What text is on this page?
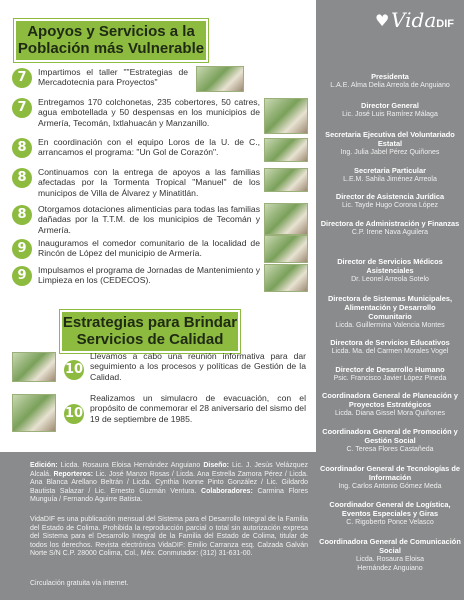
Apoyos y Servicios a la
Población más Vulnerable
7	Impartimos el taller ""Estrategias de Mercadotecnia para Proyectos"
7	Entregamos 170 colchonetas, 235 cobertores, 50 catres, agua embotellada y 50 despensas en los municipios de Armería, Tecomán, Ixtlahuacán y Manzanillo.
8	En coordinación con el equipo Loros de la U. de C., arrancamos el programa: "Un Gol de Corazón".
8	Continuamos con la entrega de apoyos a las familias afectadas por la Tormenta Tropical "Manuel" de los municipos de Villa de Álvarez y Minatitlán.
8	Otorgamos dotaciones alimenticias para todas las familias dañadas por la T.T.M. de los municipios de Tecomán y Armería.
9	Inauguramos el comedor comunitario de la localidad de Rincón de López del municipio de Armería.
9	Impulsamos el programa de Jornadas de Mantenimiento y Limpieza en los (CEDECOS).
Estrategias para Brindar
Servicios de Calidad
10
Llevamos a cabo una reunión informativa para dar seguimiento a los procesos y políticas de Gestión de la Calidad.
10
Realizamos un simulacro de evacuación, con el propósito de conmemorar el 28 aniversario del sismo del 19 de septiembre de 1985.

Edición: Licda. Rosaura Eloisa Hernández Anguiano Diseño: Lic. J. Jesús Velázquez Alcalá. Reporteros: Lic. José Manzo Rosas / Licda. Ana Estrella Zamora Pérez / Licda. Ana Blanca Arellano Beltrán / Licda. Cynthia Ivonne Pinto González / Lic. Gildardo Bautista Salazar / Lic. Ernesto Guzmán Ventura. Colaboradores: Carmina Flores Munguía / Fernando Aguirre Batista.

VidaDIF es una publicación mensual del Sistema para el Desarrollo Integral de la Familia del Estado de Colima. Prohibida la reproducción parcial o total sin autorización expresa del Sistema para el Desarrollo Integral de la Familia del Estado de Colima, titular de todos los derechos. Revista electrónica VidaDIF: Emilio Carranza esq. Calzada Galván Norte S/N C.P. 28000 Colima, Col., Méx. Conmutador: (312) 31-631-00.

Circulación gratuita vía internet.

♥ VidaDIF
Presidenta
L.A.E. Alma Delia Arreola de Anguiano
Director General
Lic. José Luis Ramírez Málaga
Secretaria Ejecutiva del Voluntariado Estatal
Ing. Julia Jabel Pérez Quiñones
Secretaria Particular
L.E.M. Sahila Jiménez Arreola
Director de Asistencia Jurídica
Lic. Tayde Hugo Corona López
Directora de Administración y Finanzas
C.P. Irene Nava Aguilera
Director de Servicios Médicos Asistenciales
Dr. Leonel Arreola Sotelo
Directora de Sistemas Municipales, Alimentación y Desarrollo Comunitario
Licda. Guillermina Valencia Montes
Directora de Servicios Educativos
Licda. Ma. del Carmen Morales Vogel
Director de Desarrollo Humano
Psic. Francisco Javier López Pineda
Coordinadora General de Planeación y Proyectos Estratégicos
Licda. Diana Gissel Mora Quiñones
Coordinadora General de Promoción y Gestión Social
C. Teresa Flores Castañeda
Coordinador General de Tecnologías de Información
Ing. Carlos Antonio Gómez Meda
Coordinador General de Logística, Eventos Especiales y Giras
C. Rigoberto Ponce Velasco
Coordinadora General de Comunicación Social
Licda. Rosaura Eloisa Hernández Anguiano
